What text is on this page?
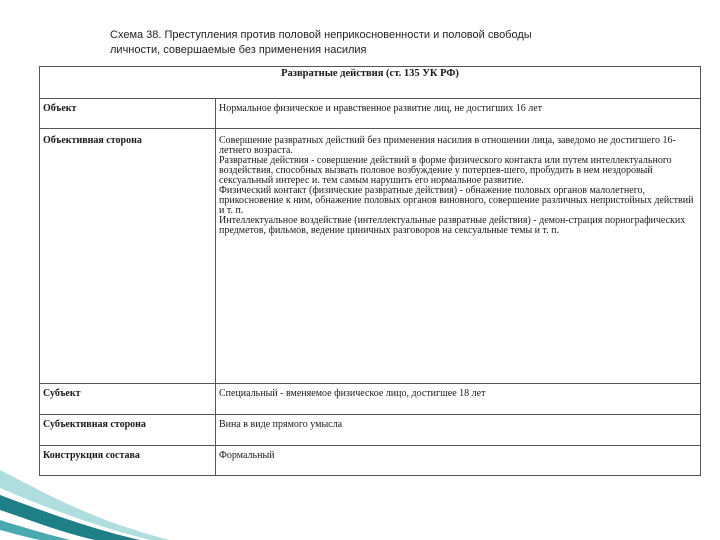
Схема 38. Преступления против половой неприкосновенности и половой свободы
личности, совершаемые без применения насилия
Развратные действия (ст. 135 УК РФ)	
Объект	Нормальное физическое и нравственное развитие лиц, не достигших 16 лет

Объективная сторона	Совершение развратных действий без применения насилия в отношении лица, заведомо не достигшего 16-летнего возраста.

Развратные действия - совершение действий в форме физического контакта или путем интеллектуального воздействия, способных вызвать половое возбуждение у потерпев-шего, пробудить в нем нездоровый сексуальный интерес и. тем самым нарушить его нормальное развитие.

Физический контакт (физические развратные действия) - обнажение половых органов малолетнего, прикосновение к ним, обнажение половых органов виновного, совершение различных непристойных действий и т. п.

Интеллектуальное воздействие (интеллектуальные развратные действия) - демон-страция порнографических предметов, фильмов, ведение циничных разговоров на сексуальные темы и т. п.

Субъект	Специальный - вменяемое физическое лицо, достигшее 18 лет

Субъективная сторона	Вина в виде прямого умысла

Конструкция состава	Формальный
